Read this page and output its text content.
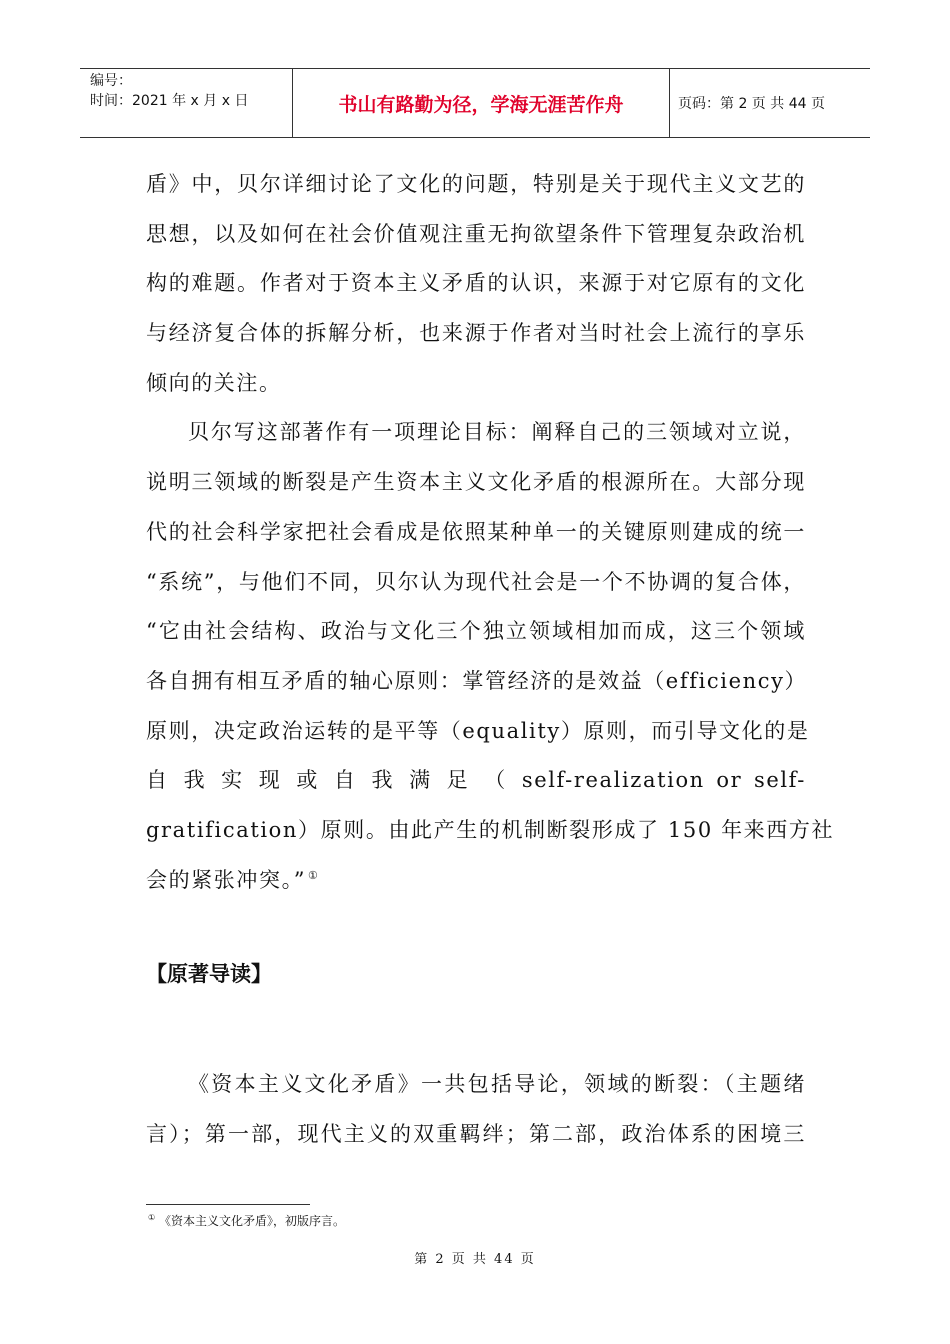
编号：
时间：2021 年 x 月 x 日	书山有路勤为径，学海无涯苦作舟	页码：第 2 页 共 44 页
盾》中，贝尔详细讨论了文化的问题，特别是关于现代主义文艺的
思想，以及如何在社会价值观注重无拘欲望条件下管理复杂政治机
构的难题。作者对于资本主义矛盾的认识，来源于对它原有的文化
与经济复合体的拆解分析，也来源于作者对当时社会上流行的享乐
倾向的关注。
贝尔写这部著作有一项理论目标：阐释自己的三领域对立说，
说明三领域的断裂是产生资本主义文化矛盾的根源所在。大部分现
代的社会科学家把社会看成是依照某种单一的关键原则建成的统一
“系统”，与他们不同，贝尔认为现代社会是一个不协调的复合体，
“它由社会结构、政治与文化三个独立领域相加而成，这三个领域
各自拥有相互矛盾的轴心原则：掌管经济的是效益（efficiency）
原则，决定政治运转的是平等（equality）原则，而引导文化的是
自 我 实 现 或 自 我 满 足 （ self-realization or self-
gratification）原则。由此产生的机制断裂形成了 150 年来西方社
会的紧张冲突。” ①
【原著导读】
《资本主义文化矛盾》一共包括导论，领域的断裂：（主题绪
言）；第一部，现代主义的双重羁绊；第二部，政治体系的困境三
① 《资本主义文化矛盾》，初版序言。
第 2 页 共 44 页
